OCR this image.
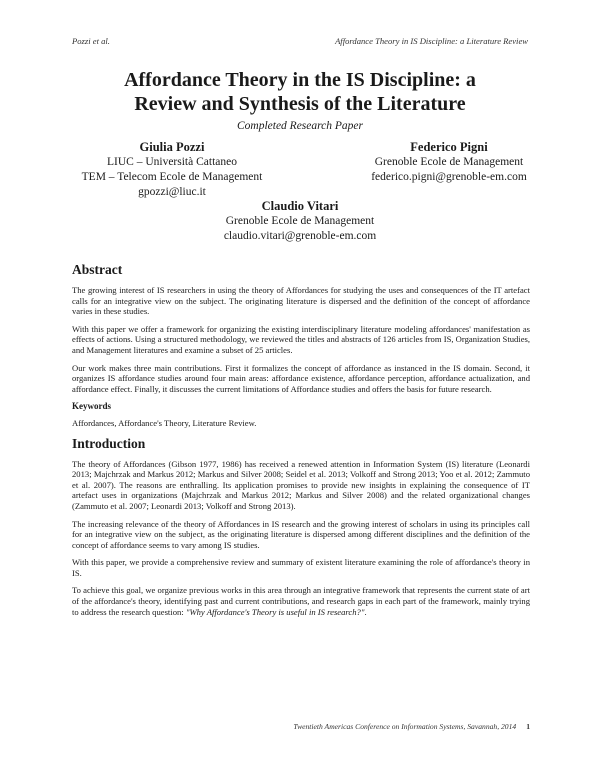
Pozzi et al.	Affordance Theory in IS Discipline: a Literature Review
Affordance Theory in the IS Discipline: a
Review and Synthesis of the Literature
Completed Research Paper
Giulia Pozzi
LIUC – Università Cattaneo
TEM – Telecom Ecole de Management
gpozzi@liuc.it
Federico Pigni
Grenoble Ecole de Management
federico.pigni@grenoble-em.com
Claudio Vitari
Grenoble Ecole de Management
claudio.vitari@grenoble-em.com
Abstract

The growing interest of IS researchers in using the theory of Affordances for studying the uses and consequences of the IT artefact calls for an integrative view on the subject. The originating literature is dispersed and the definition of the concept of affordance varies in these studies.

With this paper we offer a framework for organizing the existing interdisciplinary literature modeling affordances' manifestation as effects of actions. Using a structured methodology, we reviewed the titles and abstracts of 126 articles from IS, Organization Studies, and Management literatures and examine a subset of 25 articles.

Our work makes three main contributions. First it formalizes the concept of affordance as instanced in the IS domain. Second, it organizes IS affordance studies around four main areas: affordance existence, affordance perception, affordance actualization, and affordance effect. Finally, it discusses the current limitations of Affordance studies and offers the basis for future research.

Keywords

Affordances, Affordance's Theory, Literature Review.

Introduction

The theory of Affordances (Gibson 1977, 1986) has received a renewed attention in Information System (IS) literature (Leonardi 2013; Majchrzak and Markus 2012; Markus and Silver 2008; Seidel et al. 2013; Volkoff and Strong 2013; Yoo et al. 2012; Zammuto et al. 2007). The reasons are enthralling. Its application promises to provide new insights in explaining the consequence of IT artefact uses in organizations (Majchrzak and Markus 2012; Markus and Silver 2008) and the related organizational changes (Zammuto et al. 2007; Leonardi 2013; Volkoff and Strong 2013).

The increasing relevance of the theory of Affordances in IS research and the growing interest of scholars in using its principles call for an integrative view on the subject, as the originating literature is dispersed among different disciplines and the definition of the concept of affordance seems to vary among IS studies.

With this paper, we provide a comprehensive review and summary of existent literature examining the role of affordance's theory in IS.

To achieve this goal, we organize previous works in this area through an integrative framework that represents the current state of art of the affordance's theory, identifying past and current contributions, and research gaps in each part of the framework, mainly trying to address the research question: "Why Affordance's Theory is useful in IS research?".

Twentieth Americas Conference on Information Systems, Savannah, 2014 1
